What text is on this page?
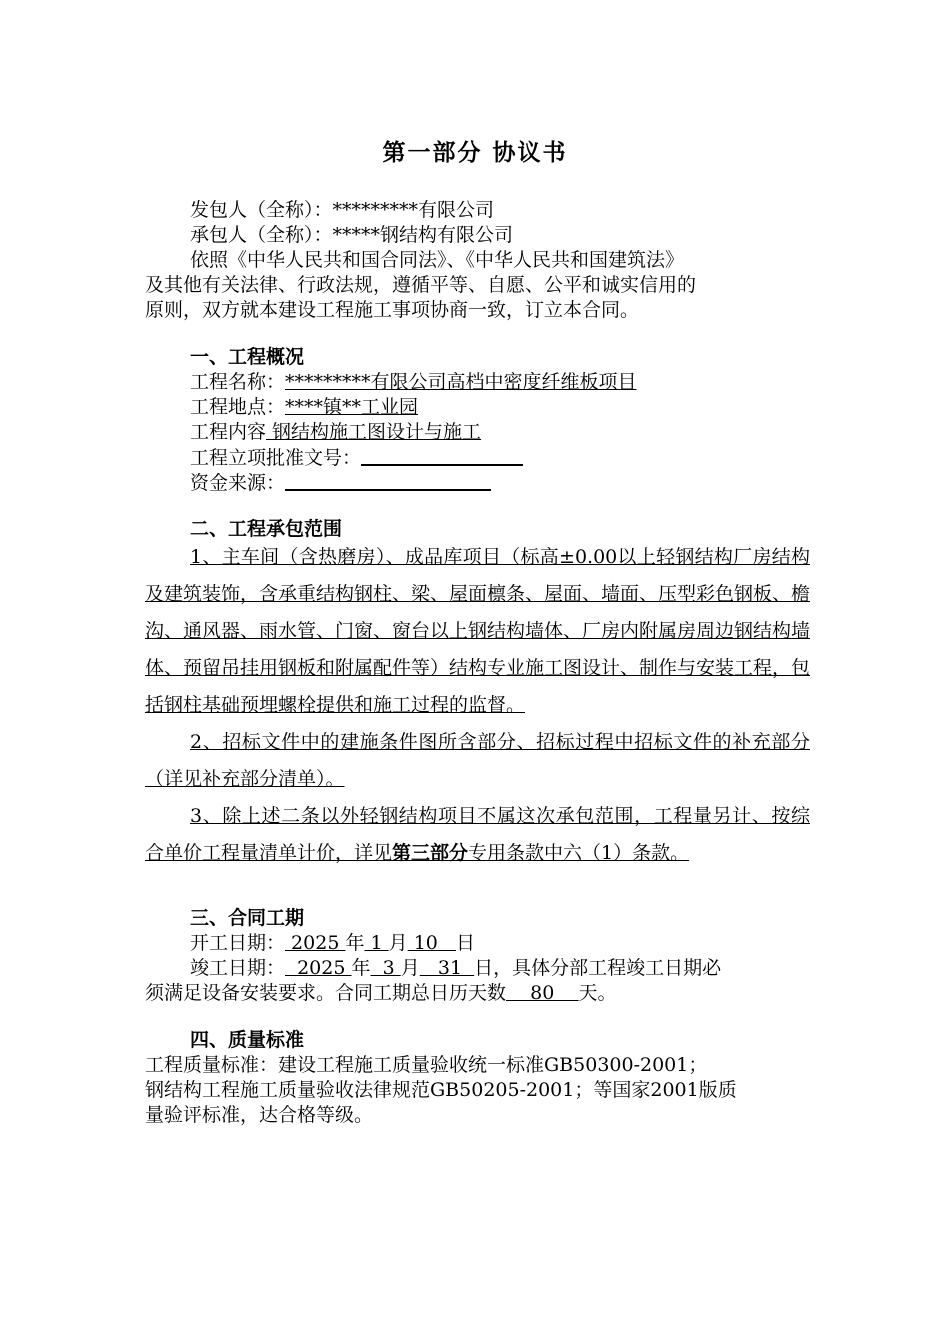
第一部分 协议书
发包人（全称）：*********有限公司
承包人（全称）：*****钢结构有限公司
依照《中华人民共和国合同法》、《中华人民共和国建筑法》
及其他有关法律、行政法规，遵循平等、自愿、公平和诚实信用的
原则，双方就本建设工程施工事项协商一致，订立本合同。
一、工程概况
工程名称：*********有限公司高档中密度纤维板项目
工程地点：****镇**工业园
工程内容 钢结构施工图设计与施工
工程立项批准文号：
资金来源：
二、工程承包范围
1、主车间（含热磨房）、成品库项目（标高±0.00以上轻钢结构厂房结构及建筑装饰，含承重结构钢柱、梁、屋面檩条、屋面、墙面、压型彩色钢板、檐沟、通风器、雨水管、门窗、窗台以上钢结构墙体、厂房内附属房周边钢结构墙体、预留吊挂用钢板和附属配件等）结构专业施工图设计、制作与安装工程，包括钢柱基础预埋螺栓提供和施工过程的监督。
2、招标文件中的建施条件图所含部分、招标过程中招标文件的补充部分（详见补充部分清单）。
3、除上述二条以外轻钢结构项目不属这次承包范围，工程量另计、按综合单价工程量清单计价，详见第三部分专用条款中六（1）条款。
三、合同工期
开工日期： 2025 年 1 月 10   日
竣工日期：  2025 年  3 月   31  日，具体分部工程竣工日期必
须满足设备安装要求。合同工期总日历天数    80    天。
四、质量标准
工程质量标准：建设工程施工质量验收统一标准GB50300-2001；
钢结构工程施工质量验收法律规范GB50205-2001；等国家2001版质
量验评标准，达合格等级。
